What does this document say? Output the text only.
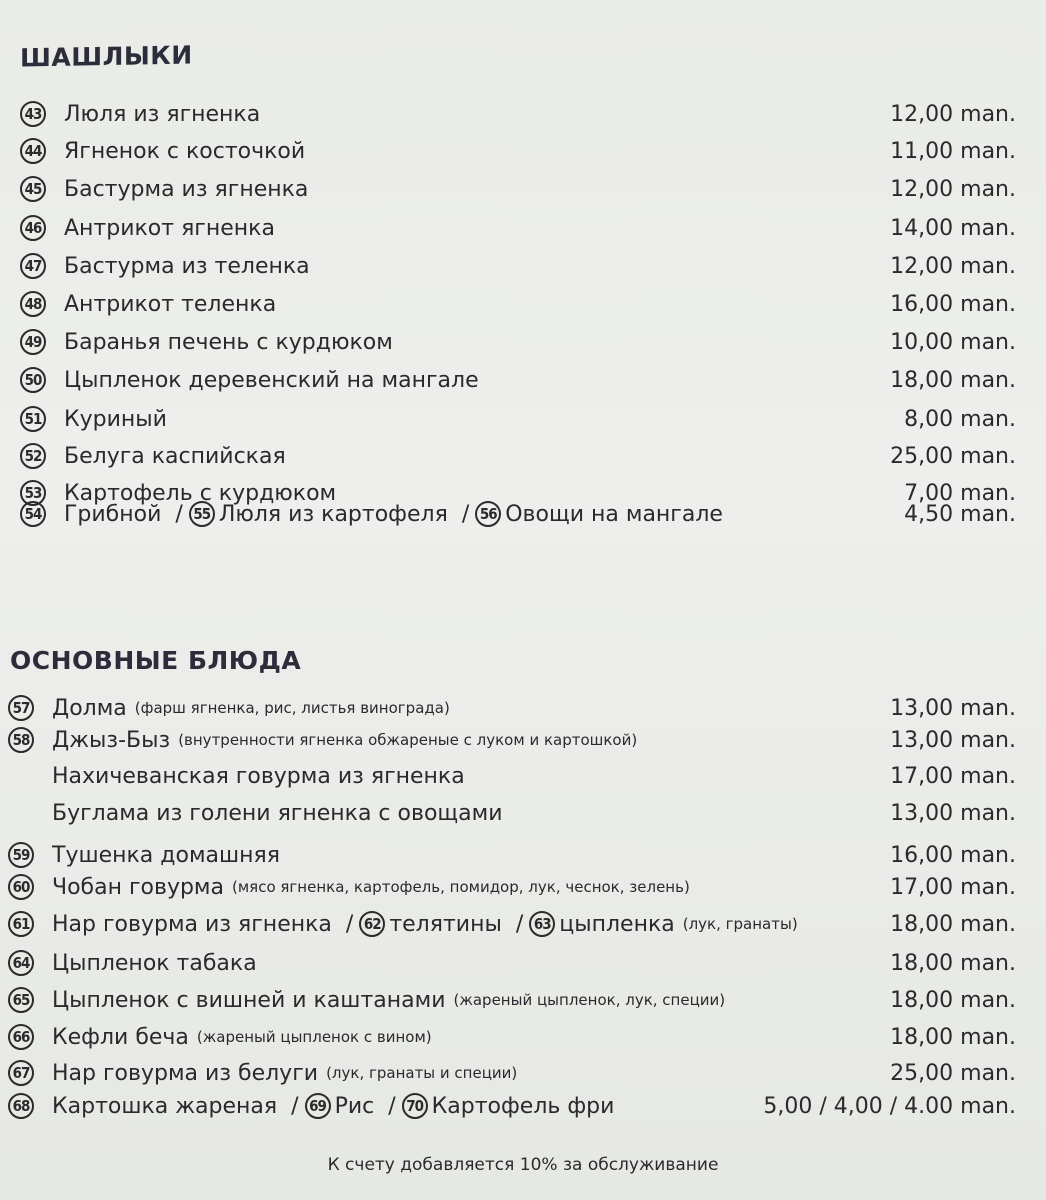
ШАШЛЫКИ
43 Люля из ягненка	12,00 man.
44 Ягненок с косточкой	11,00 man.
45 Бастурма из ягненка	12,00 man.
46 Антрикот ягненка	14,00 man.
47 Бастурма из теленка	12,00 man.
48 Антрикот теленка	16,00 man.
49 Баранья печень с курдюком	10,00 man.
50 Цыпленок деревенский на мангале	18,00 man.
51 Куриный	8,00 man.
52 Белуга каспийская	25,00 man.
53 Картофель с курдюком	7,00 man.
54 Грибной / 55 Люля из картофеля / 56 Овощи на мангале	4,50 man.
ОСНОВНЫЕ БЛЮДА
57 Долма (фарш ягненка, рис, листья винограда)	13,00 man.
58 Джыз-Быз (внутренности ягненка обжареные с луком и картошкой)	13,00 man.
Нахичеванская говурма из ягненка	17,00 man.
Буглама из голени ягненка с овощами	13,00 man.
59 Тушенка домашняя	16,00 man.
60 Чобан говурма (мясо ягненка, картофель, помидор, лук, чеснок, зелень)	17,00 man.
61 Нар говурма из ягненка / 62 телятины / 63 цыпленка (лук, гранаты)	18,00 man.
64 Цыпленок табака	18,00 man.
65 Цыпленок с вишней и каштанами (жареный цыпленок, лук, специи)	18,00 man.
66 Кефли беча (жареный цыпленок с вином)	18,00 man.
67 Нар говурма из белуги (лук, гранаты и специи)	25,00 man.
68 Картошка жареная / 69 Рис / 70 Картофель фри	5,00 / 4,00 / 4.00 man.
К счету добавляется 10% за обслуживание
